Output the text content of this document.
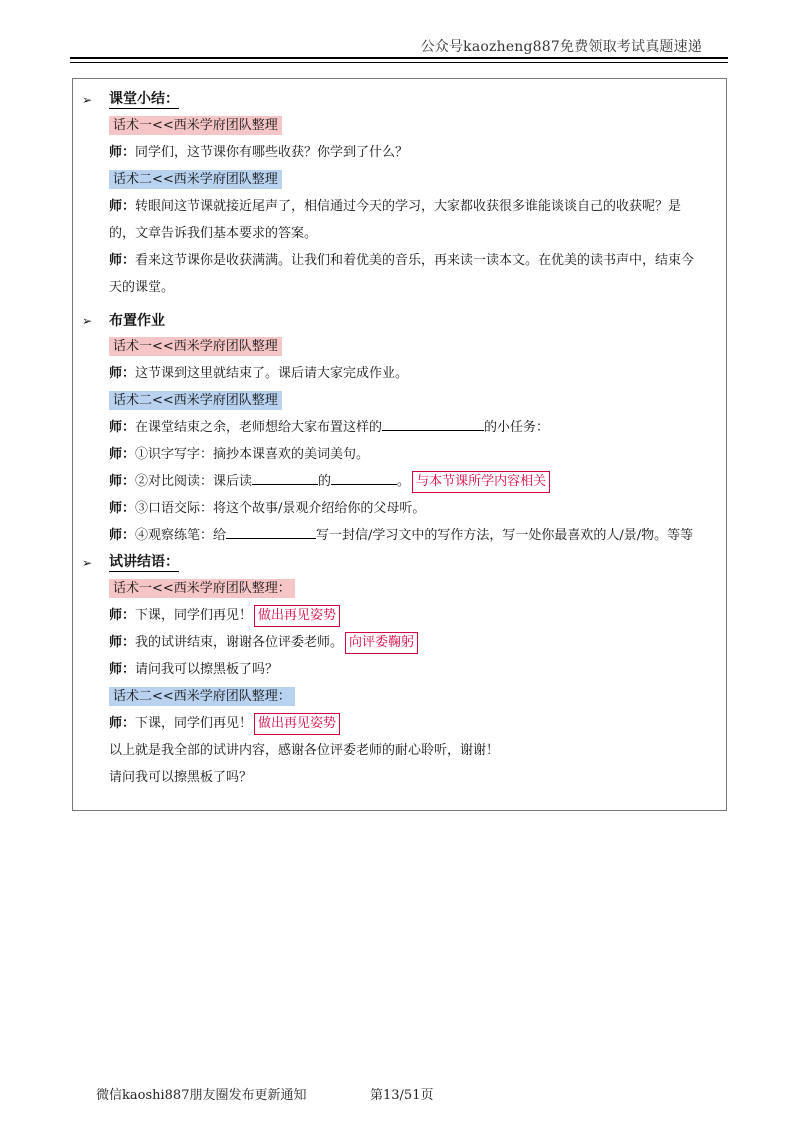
公众号kaozheng887免费领取考试真题速递
➢	课堂小结：
话术一<<西米学府团队整理
师：同学们，这节课你有哪些收获？你学到了什么？
话术二<<西米学府团队整理
师：转眼间这节课就接近尾声了，相信通过今天的学习，大家都收获很多谁能谈谈自己的收获呢？是
的，文章告诉我们基本要求的答案。
师：看来这节课你是收获满满。让我们和着优美的音乐，再来读一读本文。在优美的读书声中，结束今
天的课堂。
➢	布置作业
话术一<<西米学府团队整理
师：这节课到这里就结束了。课后请大家完成作业。
话术二<<西米学府团队整理
师：在课堂结束之余，老师想给大家布置这样的	的小任务：
师：①识字写字：摘抄本课喜欢的美词美句。
师：②对比阅读：课后读	的	。 与本节课所学内容相关
师：③口语交际：将这个故事/景观介绍给你的父母听。
师：④观察练笔：给	写一封信/学习文中的写作方法，写一处你最喜欢的人/景/物。等等
➢	试讲结语：
话术一<<西米学府团队整理：
师：下课，同学们再见！ 做出再见姿势
师：我的试讲结束，谢谢各位评委老师。 向评委鞠躬
师：请问我可以擦黑板了吗？
话术二<<西米学府团队整理：
师：下课，同学们再见！ 做出再见姿势
以上就是我全部的试讲内容，感谢各位评委老师的耐心聆听，谢谢！
请问我可以擦黑板了吗？
微信kaoshi887朋友圈发布更新通知	第13/51页
